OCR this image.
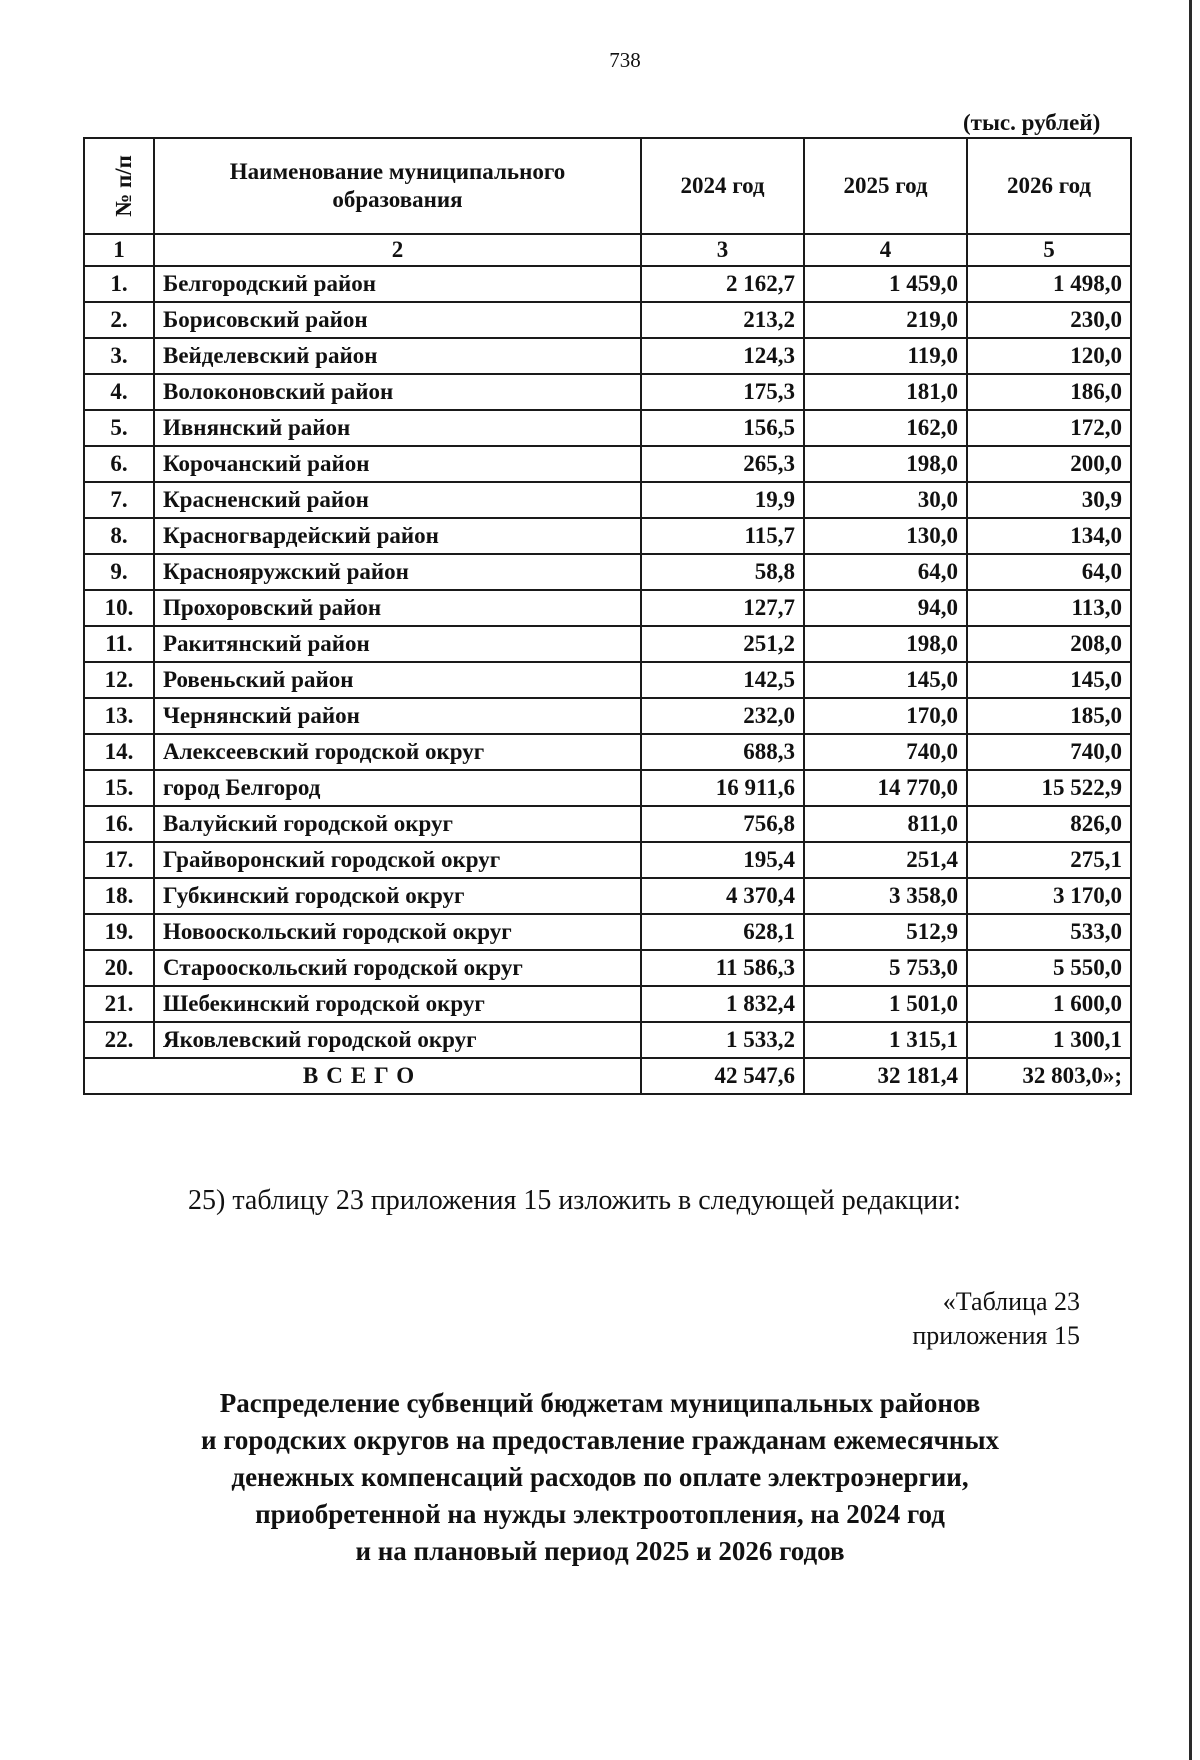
738
(тыс. рублей)
№ п/п	Наименование муниципального образования	2024 год	2025 год	2026 год
1	2	3	4	5
1.	Белгородский район	2 162,7	1 459,0	1 498,0
2.	Борисовский район	213,2	219,0	230,0
3.	Вейделевский район	124,3	119,0	120,0
4.	Волоконовский район	175,3	181,0	186,0
5.	Ивнянский район	156,5	162,0	172,0
6.	Корочанский район	265,3	198,0	200,0
7.	Красненский район	19,9	30,0	30,9
8.	Красногвардейский район	115,7	130,0	134,0
9.	Краснояружский район	58,8	64,0	64,0
10.	Прохоровский район	127,7	94,0	113,0
11.	Ракитянский район	251,2	198,0	208,0
12.	Ровеньский район	142,5	145,0	145,0
13.	Чернянский район	232,0	170,0	185,0
14.	Алексеевский городской округ	688,3	740,0	740,0
15.	город Белгород	16 911,6	14 770,0	15 522,9
16.	Валуйский городской округ	756,8	811,0	826,0
17.	Грайворонский городской округ	195,4	251,4	275,1
18.	Губкинский городской округ	4 370,4	3 358,0	3 170,0
19.	Новооскольский городской округ	628,1	512,9	533,0
20.	Старооскольский городской округ	11 586,3	5 753,0	5 550,0
21.	Шебекинский городской округ	1 832,4	1 501,0	1 600,0
22.	Яковлевский городской округ	1 533,2	1 315,1	1 300,1
ВСЕГО		42 547,6	32 181,4	32 803,0»;
25) таблицу 23 приложения 15 изложить в следующей редакции:
«Таблица 23
приложения 15
Распределение субвенций бюджетам муниципальных районов
и городских округов на предоставление гражданам ежемесячных
денежных компенсаций расходов по оплате электроэнергии,
приобретенной на нужды электроотопления, на 2024 год
и на плановый период 2025 и 2026 годов
